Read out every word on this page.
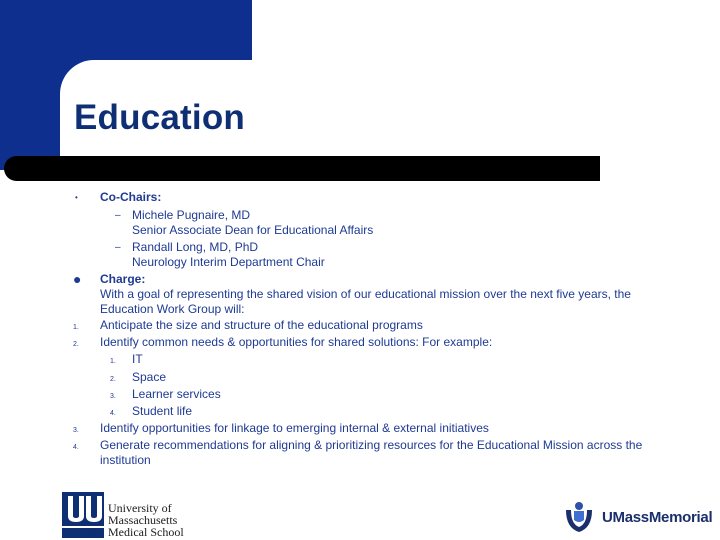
Education
• Co-Chairs:
– Michele Pugnaire, MD
Senior Associate Dean for Educational Affairs
– Randall Long, MD, PhD
Neurology Interim Department Chair
● Charge:
With a goal of representing the shared vision of our educational mission over the next five years, the
Education Work Group will:
1. Anticipate the size and structure of the educational programs
2. Identify common needs & opportunities for shared solutions: For example:
1. IT
2. Space
3. Learner services
4. Student life
3. Identify opportunities for linkage to emerging internal & external initiatives
4. Generate recommendations for aligning & prioritizing resources for the Educational Mission across the
institution
University of
Massachusetts
UMASS. Medical School
UMassMemorial
